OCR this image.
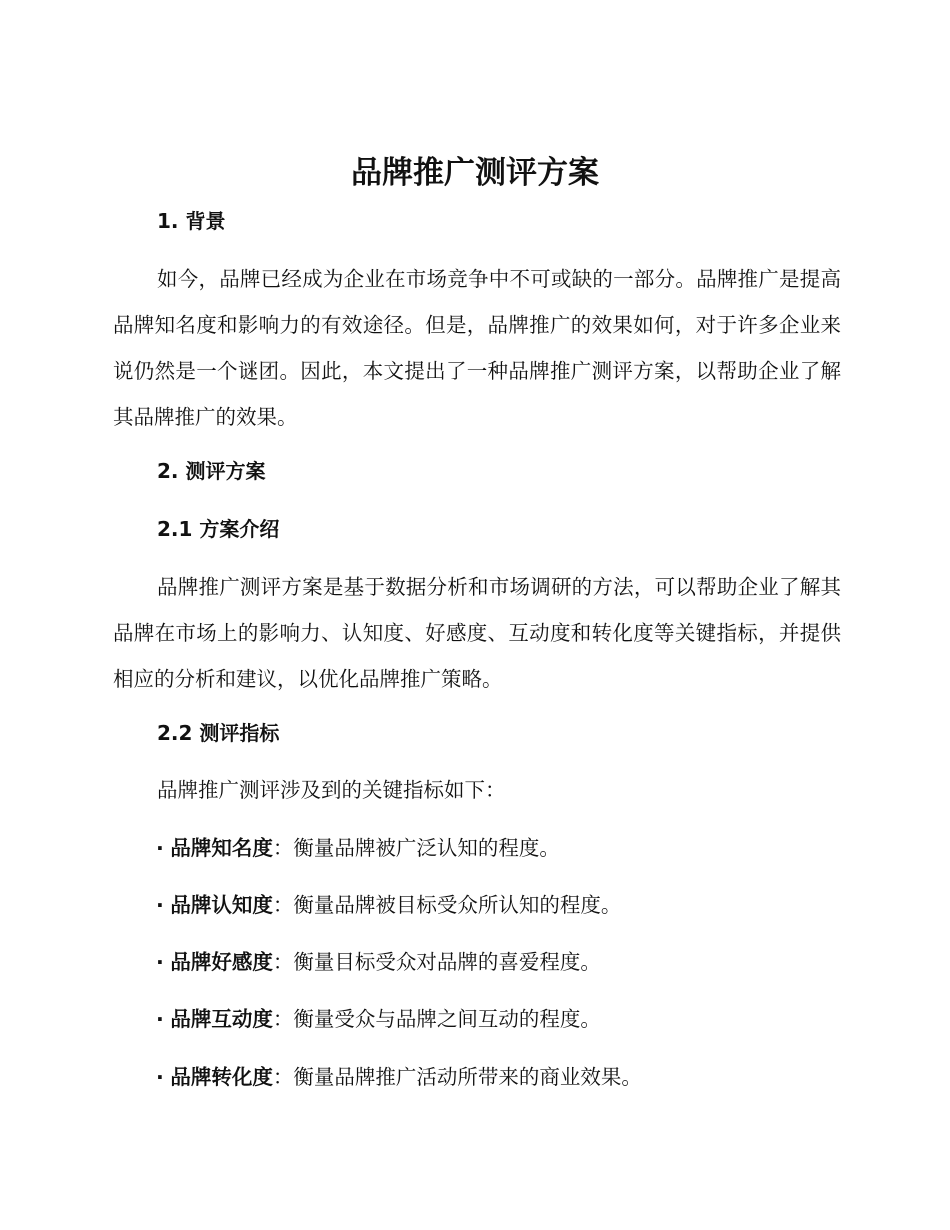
品牌推广测评方案
1. 背景

如今，品牌已经成为企业在市场竞争中不可或缺的一部分。品牌推广是提高品牌知名度和影响力的有效途径。但是，品牌推广的效果如何，对于许多企业来说仍然是一个谜团。因此，本文提出了一种品牌推广测评方案，以帮助企业了解其品牌推广的效果。

2. 测评方案
2.1 方案介绍

品牌推广测评方案是基于数据分析和市场调研的方法，可以帮助企业了解其品牌在市场上的影响力、认知度、好感度、互动度和转化度等关键指标，并提供相应的分析和建议，以优化品牌推广策略。

2.2 测评指标

品牌推广测评涉及到的关键指标如下：

· 品牌知名度：衡量品牌被广泛认知的程度。

· 品牌认知度：衡量品牌被目标受众所认知的程度。

· 品牌好感度：衡量目标受众对品牌的喜爱程度。

· 品牌互动度：衡量受众与品牌之间互动的程度。

· 品牌转化度：衡量品牌推广活动所带来的商业效果。
